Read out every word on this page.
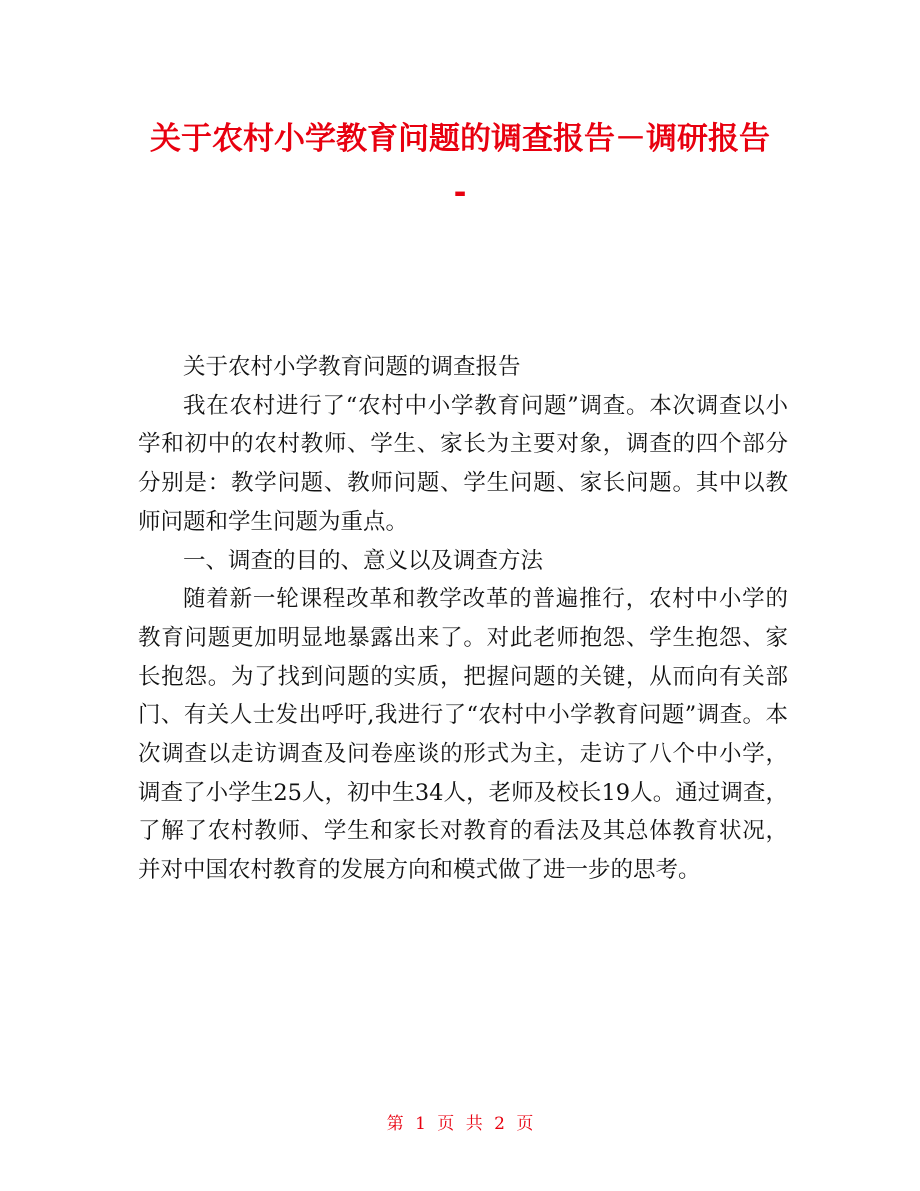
关于农村小学教育问题的调查报告－调研报告
-

关于农村小学教育问题的调查报告

我在农村进行了“农村中小学教育问题”调查。本次调查以小学和初中的农村教师、学生、家长为主要对象，调查的四个部分分别是：教学问题、教师问题、学生问题、家长问题。其中以教师问题和学生问题为重点。

一、调查的目的、意义以及调查方法

随着新一轮课程改革和教学改革的普遍推行，农村中小学的教育问题更加明显地暴露出来了。对此老师抱怨、学生抱怨、家长抱怨。为了找到问题的实质，把握问题的关键，从而向有关部门、有关人士发出呼吁,我进行了“农村中小学教育问题”调查。本次调查以走访调查及问卷座谈的形式为主，走访了八个中小学，调查了小学生25人，初中生34人，老师及校长19人。通过调查，了解了农村教师、学生和家长对教育的看法及其总体教育状况，并对中国农村教育的发展方向和模式做了进一步的思考。

第 1 页 共 2 页
